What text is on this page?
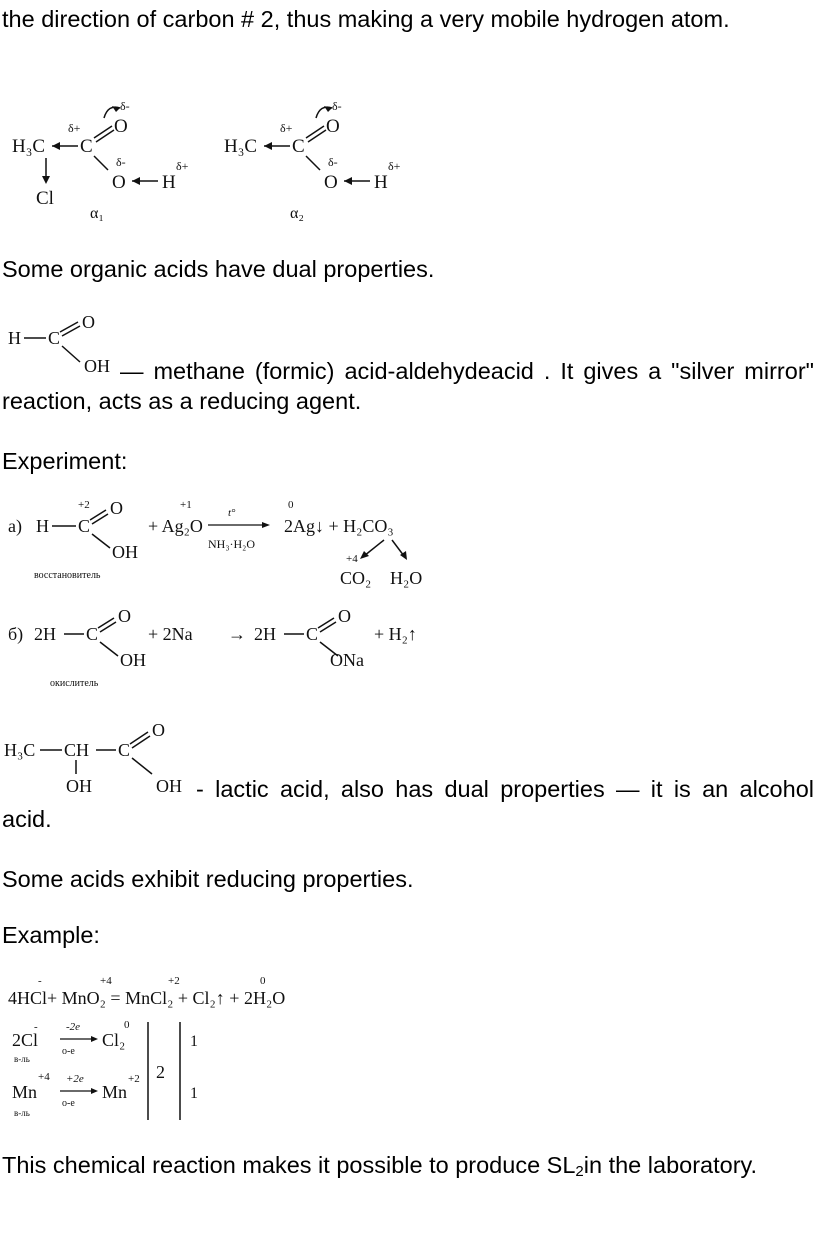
the direction of carbon # 2, thus making a very mobile hydrogen atom.

H₃C C
δ+ O
δ-
δ-
O H
δ+
Cl
α₁
H₃C C
δ+ O
δ-
δ-
O H
δ+
α₂

Some organic acids have dual properties.

H C
O
OH — methane (formic) acid-aldehydeacid . It gives a "silver mirror" reaction, acts as a reducing agent.

Experiment:

а) H
+2
C
O
OH
+ Ag₂O
+1
t°
NH₃·H₂O
0
2Ag↓ + H₂CO₃
+4
CO₂ H₂O
восстановитель
б) 2H C
O
OH
+ 2Na → 2H C
O
ONa
+ H₂↑
окислитель
H₃C CH
OH
C
O
OH - lactic acid, also has dual properties — it is an alcohol acid.

Some acids exhibit reducing properties.

Example:

4HCl+ MnO₂ = MnCl₂ + Cl₂↑ + 2H₂O
-	+4	+2	0
2Cl
-	-2e
о-е
Cl₂
0
в-ль
Mn
+4 +2e
о-е
Mn
+2
в-ль
2
1
1

This chemical reaction makes it possible to produce $SL_2in$ the laboratory.
